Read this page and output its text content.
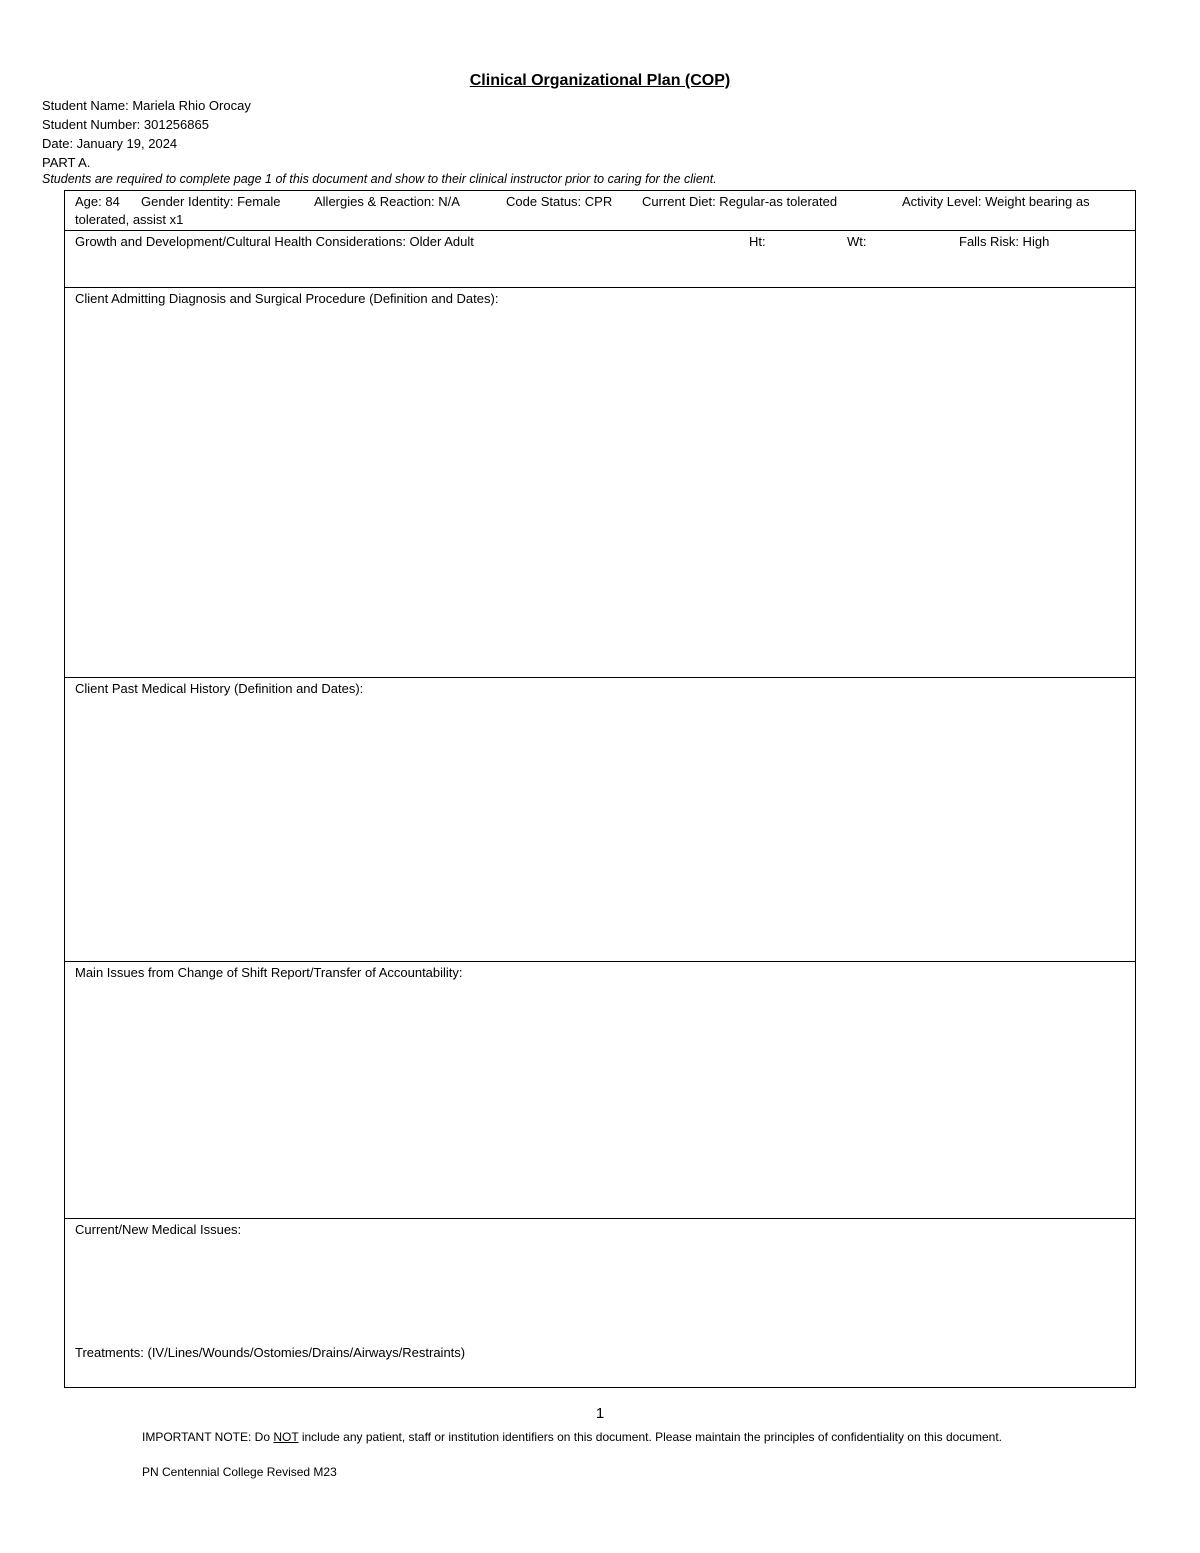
Clinical Organizational Plan (COP)
Student Name: Mariela Rhio Orocay
Student Number: 301256865
Date: January 19, 2024
PART A.
Students are required to complete page 1 of this document and show to their clinical instructor prior to caring for the client.
Age: 84 Gender Identity: Female	Allergies & Reaction: N/A	Code Status: CPR Current Diet: Regular-as tolerated	Activity Level: Weight bearing as
tolerated, assist x1
Growth and Development/Cultural Health Considerations: Older Adult	Ht:	Wt:	Falls Risk: High
Client Admitting Diagnosis and Surgical Procedure (Definition and Dates):
Client Past Medical History (Definition and Dates):
Main Issues from Change of Shift Report/Transfer of Accountability:
Current/New Medical Issues:
Treatments: (IV/Lines/Wounds/Ostomies/Drains/Airways/Restraints)
1
IMPORTANT NOTE: Do NOT include any patient, staff or institution identifiers on this document. Please maintain the principles of confidentiality on this document.
PN Centennial College Revised M23
